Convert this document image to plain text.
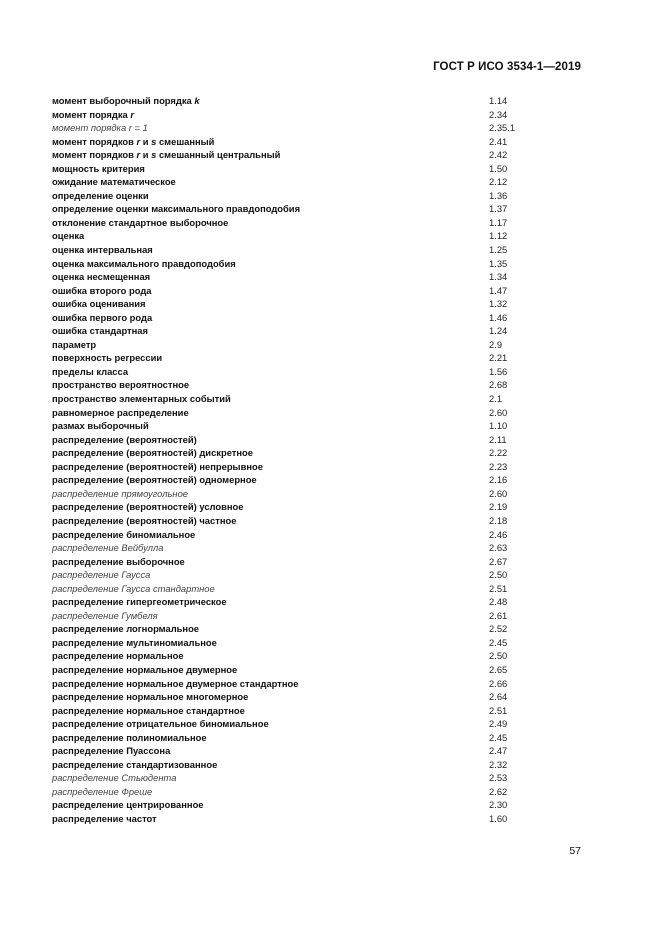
ГОСТ Р ИСО 3534-1—2019
момент выборочный порядка k	1.14
момент порядка r	2.34
момент порядка r = 1	2.35.1
момент порядков r и s смешанный	2.41
момент порядков r и s смешанный центральный	2.42
мощность критерия	1.50
ожидание математическое	2.12
определение оценки	1.36
определение оценки максимального правдоподобия	1.37
отклонение стандартное выборочное	1.17
оценка	1.12
оценка интервальная	1.25
оценка максимального правдоподобия	1.35
оценка несмещенная	1.34
ошибка второго рода	1.47
ошибка оценивания	1.32
ошибка первого рода	1.46
ошибка стандартная	1.24
параметр	2.9
поверхность регрессии	2.21
пределы класса	1.56
пространство вероятностное	2.68
пространство элементарных событий	2.1
равномерное распределение	2.60
размах выборочный	1.10
распределение (вероятностей)	2.11
распределение (вероятностей) дискретное	2.22
распределение (вероятностей) непрерывное	2.23
распределение (вероятностей) одномерное	2.16
распределение прямоугольное	2.60
распределение (вероятностей) условное	2.19
распределение (вероятностей) частное	2.18
распределение биномиальное	2.46
распределение Вейбулла	2.63
распределение выборочное	2.67
распределение Гаусса	2.50
распределение Гаусса стандартное	2.51
распределение гипергеометрическое	2.48
распределение Гумбеля	2.61
распределение логнормальное	2.52
распределение мультиномиальное	2.45
распределение нормальное	2.50
распределение нормальное двумерное	2.65
распределение нормальное двумерное стандартное	2.66
распределение нормальное многомерное	2.64
распределение нормальное стандартное	2.51
распределение отрицательное биномиальное	2.49
распределение полиномиальное	2.45
распределение Пуассона	2.47
распределение стандартизованное	2.32
распределение Стьюдента	2.53
распределение Фреше	2.62
распределение центрированное	2.30
распределение частот	1.60
57
